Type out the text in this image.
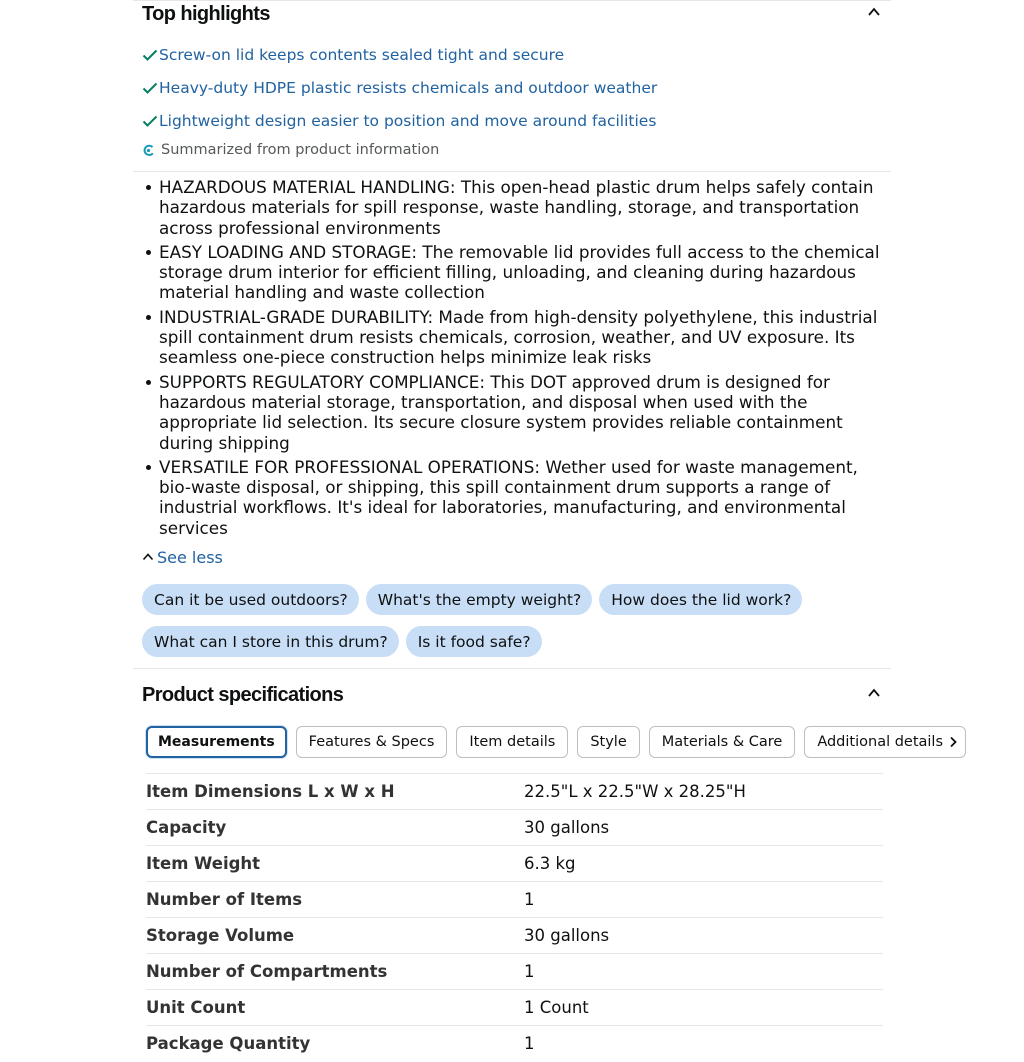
Top highlights
Screw-on lid keeps contents sealed tight and secure
Heavy-duty HDPE plastic resists chemicals and outdoor weather
Lightweight design easier to position and move around facilities
Summarized from product information
HAZARDOUS MATERIAL HANDLING: This open-head plastic drum helps safely contain hazardous materials for spill response, waste handling, storage, and transportation across professional environments
EASY LOADING AND STORAGE: The removable lid provides full access to the chemical storage drum interior for efficient filling, unloading, and cleaning during hazardous material handling and waste collection
INDUSTRIAL-GRADE DURABILITY: Made from high-density polyethylene, this industrial spill containment drum resists chemicals, corrosion, weather, and UV exposure. Its seamless one-piece construction helps minimize leak risks
SUPPORTS REGULATORY COMPLIANCE: This DOT approved drum is designed for hazardous material storage, transportation, and disposal when used with the appropriate lid selection. Its secure closure system provides reliable containment during shipping
VERSATILE FOR PROFESSIONAL OPERATIONS: Wether used for waste management, bio-waste disposal, or shipping, this spill containment drum supports a range of industrial workflows. It's ideal for laboratories, manufacturing, and environmental services
See less
Can it be used outdoors?	What's the empty weight?	How does the lid work?
What can I store in this drum?	Is it food safe?
Product specifications
Measurements	Features & Specs	Item details	Style	Materials & Care	Additional details
Item Dimensions L x W x H	22.5"L x 22.5"W x 28.25"H
Capacity	30 gallons
Item Weight	6.3 kg
Number of Items	1
Storage Volume	30 gallons
Number of Compartments	1
Unit Count	1 Count
Package Quantity	1
